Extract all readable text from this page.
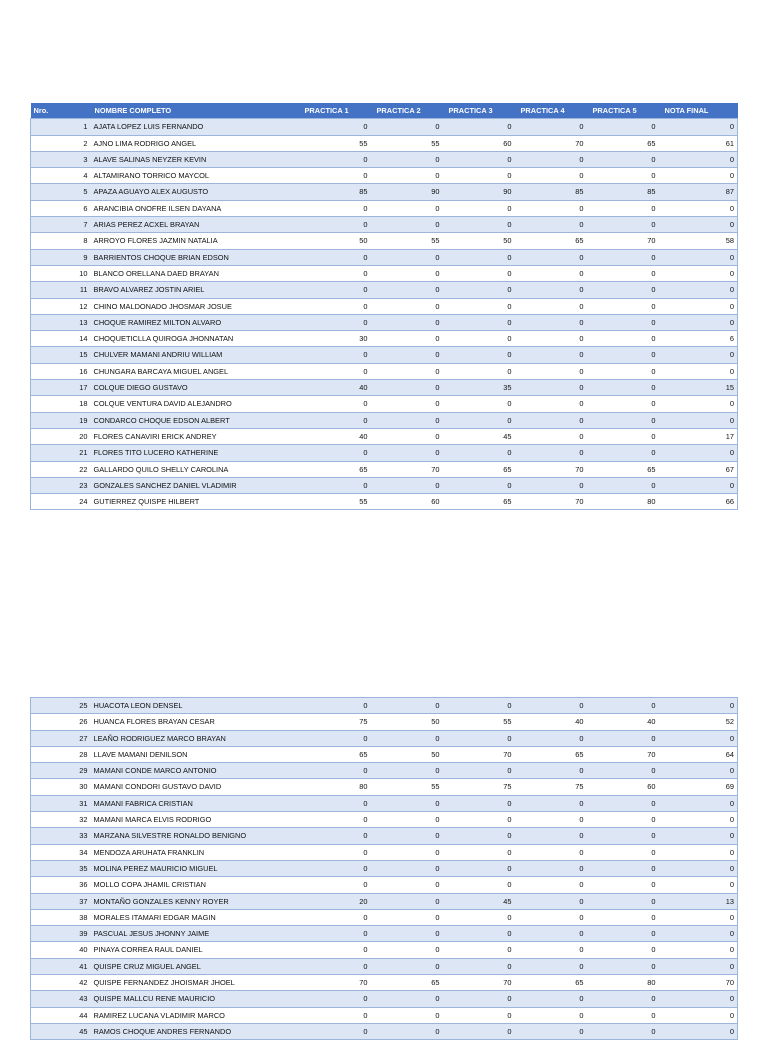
Nro.	NOMBRE COMPLETO	PRACTICA 1	PRACTICA 2	PRACTICA 3	PRACTICA 4	PRACTICA 5	NOTA FINAL
1	AJATA LOPEZ LUIS FERNANDO	0	0	0	0	0	0
2	AJNO LIMA RODRIGO ANGEL	55	55	60	70	65	61
3	ALAVE SALINAS NEYZER KEVIN	0	0	0	0	0	0
4	ALTAMIRANO TORRICO MAYCOL	0	0	0	0	0	0
5	APAZA AGUAYO ALEX AUGUSTO	85	90	90	85	85	87
6	ARANCIBIA ONOFRE ILSEN DAYANA	0	0	0	0	0	0
7	ARIAS PEREZ ACXEL BRAYAN	0	0	0	0	0	0
8	ARROYO FLORES JAZMIN NATALIA	50	55	50	65	70	58
9	BARRIENTOS CHOQUE BRIAN EDSON	0	0	0	0	0	0
10	BLANCO ORELLANA DAED BRAYAN	0	0	0	0	0	0
11	BRAVO ALVAREZ JOSTIN ARIEL	0	0	0	0	0	0
12	CHINO MALDONADO JHOSMAR JOSUE	0	0	0	0	0	0
13	CHOQUE RAMIREZ MILTON ALVARO	0	0	0	0	0	0
14	CHOQUETICLLA QUIROGA JHONNATAN	30	0	0	0	0	6
15	CHULVER MAMANI ANDRIU WILLIAM	0	0	0	0	0	0
16	CHUNGARA BARCAYA MIGUEL ANGEL	0	0	0	0	0	0
17	COLQUE DIEGO GUSTAVO	40	0	35	0	0	15
18	COLQUE VENTURA DAVID ALEJANDRO	0	0	0	0	0	0
19	CONDARCO CHOQUE EDSON ALBERT	0	0	0	0	0	0
20	FLORES CANAVIRI ERICK ANDREY	40	0	45	0	0	17
21	FLORES TITO LUCERO KATHERINE	0	0	0	0	0	0
22	GALLARDO QUILO SHELLY CAROLINA	65	70	65	70	65	67
23	GONZALES SANCHEZ DANIEL VLADIMIR	0	0	0	0	0	0
24	GUTIERREZ QUISPE HILBERT	55	60	65	70	80	66
25	HUACOTA LEON DENSEL	0	0	0	0	0	0
26	HUANCA FLORES BRAYAN CESAR	75	50	55	40	40	52
27	LEAÑO RODRIGUEZ MARCO BRAYAN	0	0	0	0	0	0
28	LLAVE MAMANI DENILSON	65	50	70	65	70	64
29	MAMANI CONDE MARCO ANTONIO	0	0	0	0	0	0
30	MAMANI CONDORI GUSTAVO DAVID	80	55	75	75	60	69
31	MAMANI FABRICA CRISTIAN	0	0	0	0	0	0
32	MAMANI MARCA ELVIS RODRIGO	0	0	0	0	0	0
33	MARZANA SILVESTRE RONALDO BENIGNO	0	0	0	0	0	0
34	MENDOZA ARUHATA FRANKLIN	0	0	0	0	0	0
35	MOLINA PEREZ MAURICIO MIGUEL	0	0	0	0	0	0
36	MOLLO COPA JHAMIL CRISTIAN	0	0	0	0	0	0
37	MONTAÑO GONZALES KENNY ROYER	20	0	45	0	0	13
38	MORALES ITAMARI EDGAR MAGIN	0	0	0	0	0	0
39	PASCUAL JESUS JHONNY JAIME	0	0	0	0	0	0
40	PINAYA CORREA RAUL DANIEL	0	0	0	0	0	0
41	QUISPE CRUZ MIGUEL ANGEL	0	0	0	0	0	0
42	QUISPE FERNANDEZ JHOISMAR JHOEL	70	65	70	65	80	70
43	QUISPE MALLCU RENE MAURICIO	0	0	0	0	0	0
44	RAMIREZ LUCANA VLADIMIR MARCO	0	0	0	0	0	0
45	RAMOS CHOQUE ANDRES FERNANDO	0	0	0	0	0	0
